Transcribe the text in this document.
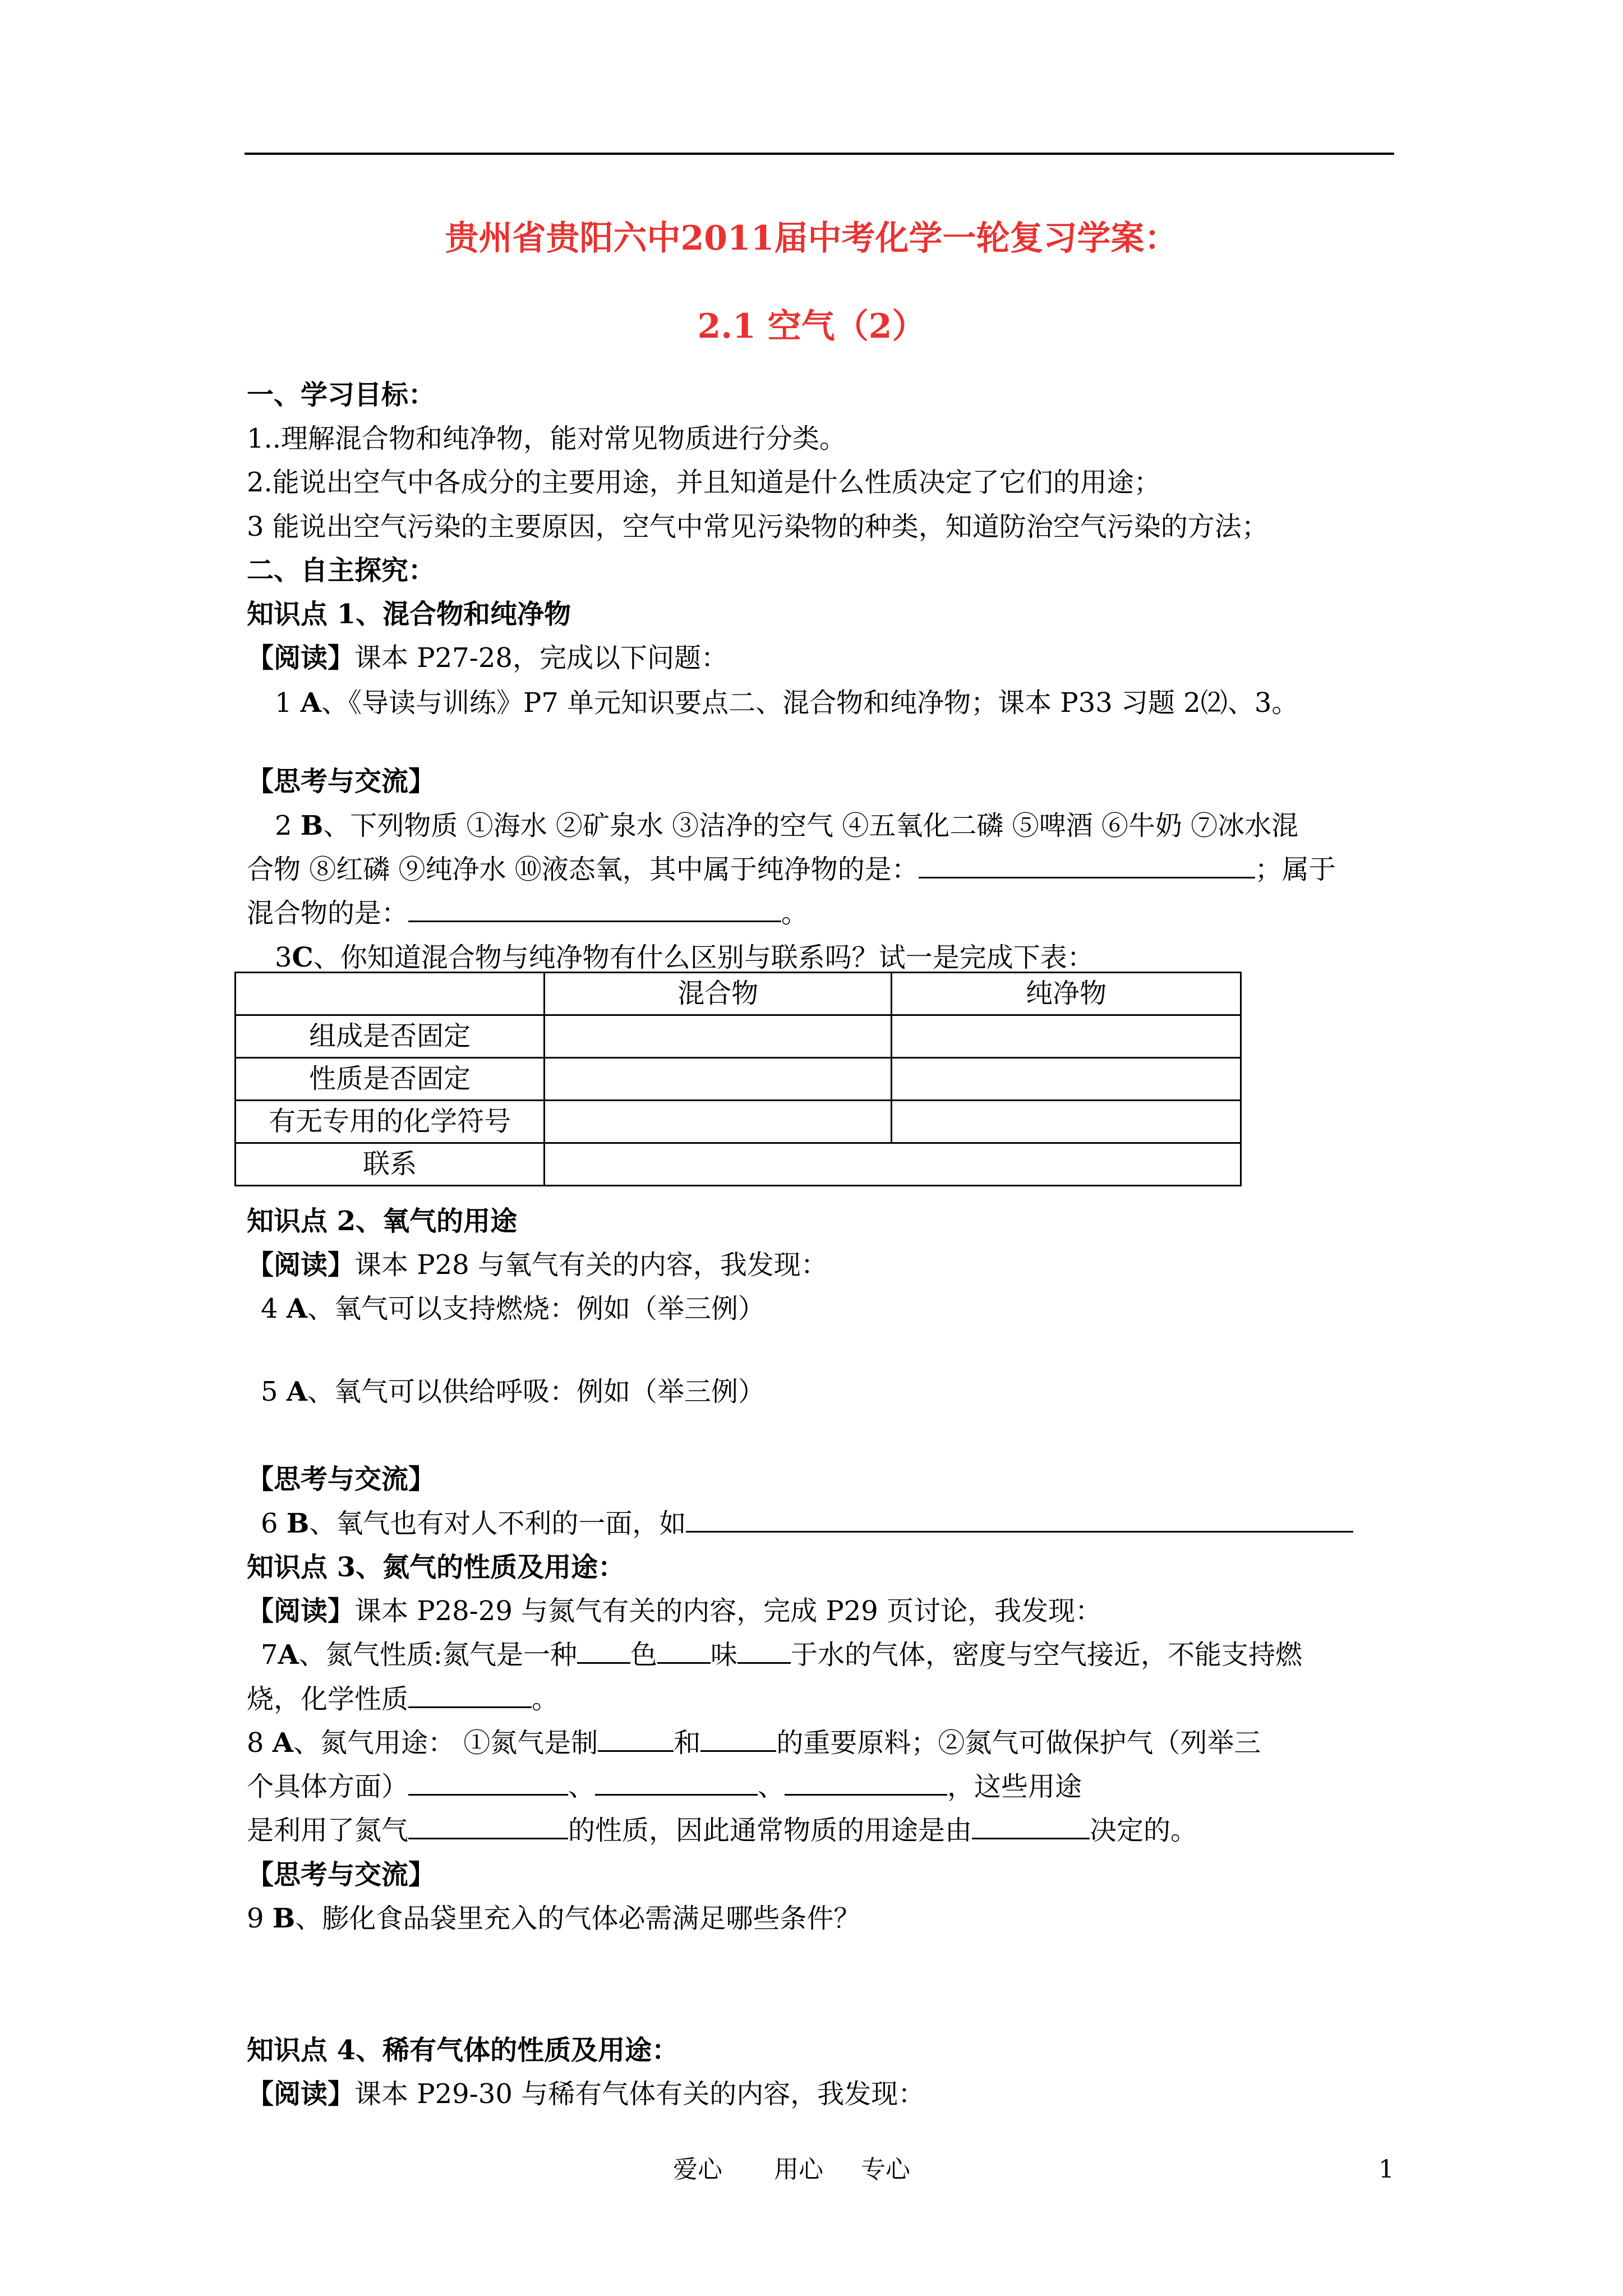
贵州省贵阳六中2011届中考化学一轮复习学案：
2.1 空气（2）
一、学习目标：
1..理解混合物和纯净物，能对常见物质进行分类。
2.能说出空气中各成分的主要用途，并且知道是什么性质决定了它们的用途；
3 能说出空气污染的主要原因，空气中常见污染物的种类，知道防治空气污染的方法；
二、自主探究：
知识点 1、混合物和纯净物
【阅读】课本 P27-28，完成以下问题：
1 A、《导读与训练》P7 单元知识要点二、混合物和纯净物；课本 P33 习题 2⑵、3。
【思考与交流】
2 B、下列物质 ①海水 ②矿泉水 ③洁净的空气 ④五氧化二磷 ⑤啤酒 ⑥牛奶 ⑦冰水混
合物 ⑧红磷 ⑨纯净水 ⑩液态氧，其中属于纯净物的是：	；属于
混合物的是：	。
3C、你知道混合物与纯净物有什么区别与联系吗？试一是完成下表：
	混合物	纯净物
组成是否固定		
性质是否固定		
有无专用的化学符号		
联系		
知识点 2、氧气的用途
【阅读】课本 P28 与氧气有关的内容，我发现：
4 A、氧气可以支持燃烧：例如（举三例）
5 A、氧气可以供给呼吸：例如（举三例）
【思考与交流】
6 B、氧气也有对人不利的一面，如
知识点 3、氮气的性质及用途：
【阅读】课本 P28-29 与氮气有关的内容，完成 P29 页讨论，我发现：
7A、氮气性质:氮气是一种 色 味 于水的气体，密度与空气接近，不能支持燃
烧，化学性质	。
8 A、氮气用途： ①氮气是制	和	的重要原料；②氮气可做保护气（列举三
个具体方面）	、	、	，这些用途
是利用了氮气	的性质，因此通常物质的用途是由	决定的。
【思考与交流】
9 B、膨化食品袋里充入的气体必需满足哪些条件？
知识点 4、稀有气体的性质及用途：
【阅读】课本 P29-30 与稀有气体有关的内容，我发现：
爱心 用心 专心	1
